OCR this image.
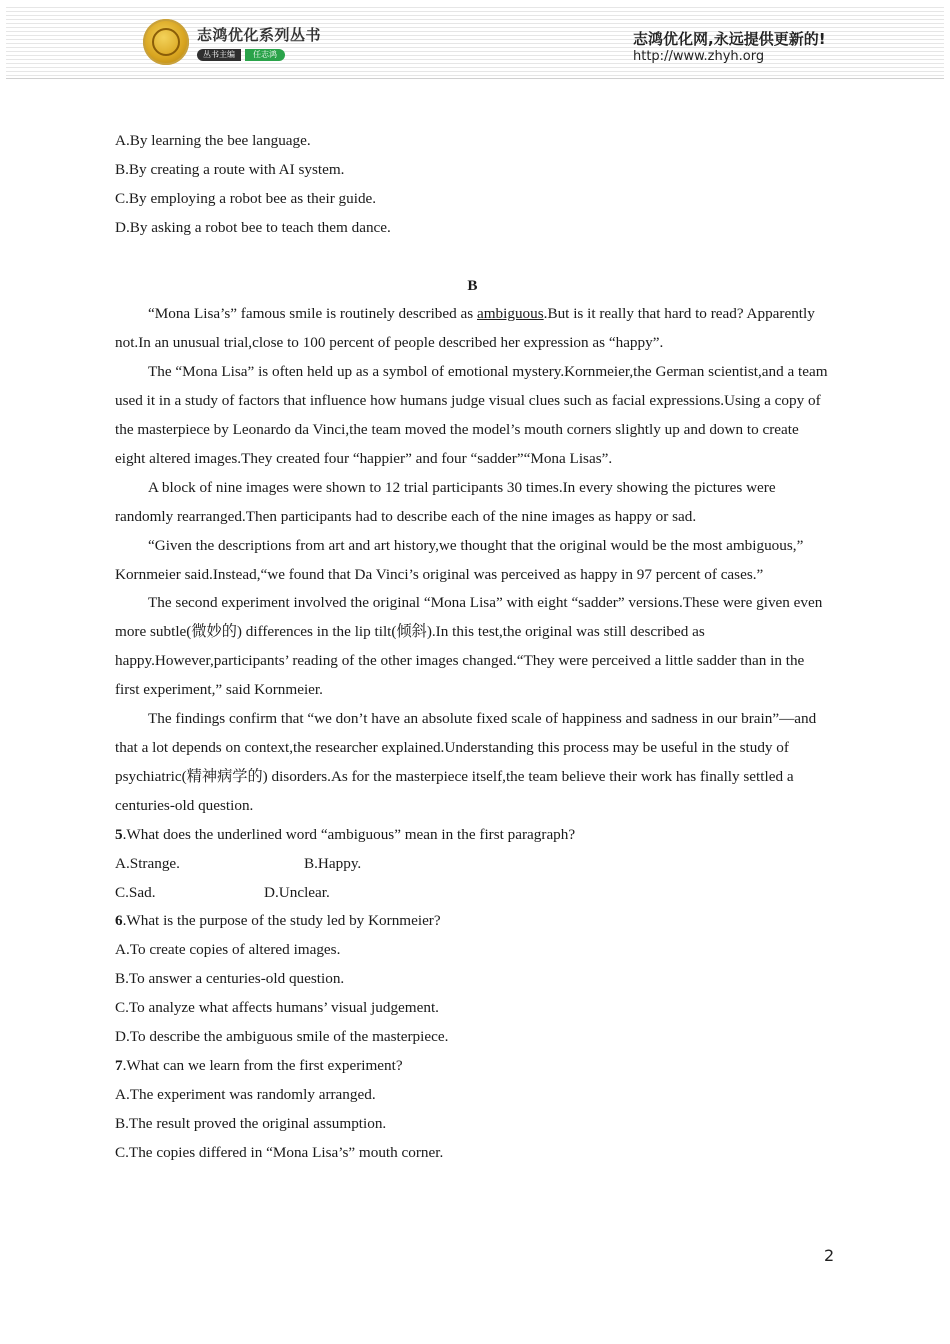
志鸿优化系列丛书
丛书主编	任志鸿
志鸿优化网,永远提供更新的!
http://www.zhyh.org

A.By learning the bee language.

B.By creating a route with AI system.

C.By employing a robot bee as their guide.

D.By asking a robot bee to teach them dance.

B

“Mona Lisa’s” famous smile is routinely described as ambiguous.But is it really that hard to read? Apparently not.In an unusual trial,close to 100 percent of people described her expression as “happy”.

The “Mona Lisa” is often held up as a symbol of emotional mystery.Kornmeier,the German scientist,and a team used it in a study of factors that influence how humans judge visual clues such as facial expressions.Using a copy of the masterpiece by Leonardo da Vinci,the team moved the model’s mouth corners slightly up and down to create eight altered images.They created four “happier” and four “sadder”“Mona Lisas”.

A block of nine images were shown to 12 trial participants 30 times.In every showing the pictures were randomly rearranged.Then participants had to describe each of the nine images as happy or sad.

“Given the descriptions from art and art history,we thought that the original would be the most ambiguous,” Kornmeier said.Instead,“we found that Da Vinci’s original was perceived as happy in 97 percent of cases.”

The second experiment involved the original “Mona Lisa” with eight “sadder” versions.These were given even more subtle(微妙的) differences in the lip tilt(倾斜).In this test,the original was still described as happy.However,participants’ reading of the other images changed.“They were perceived a little sadder than in the first experiment,” said Kornmeier.

The findings confirm that “we don’t have an absolute fixed scale of happiness and sadness in our brain”—and that a lot depends on context,the researcher explained.Understanding this process may be useful in the study of psychiatric(精神病学的) disorders.As for the masterpiece itself,the team believe their work has finally settled a centuries-old question.

5.What does the underlined word “ambiguous” mean in the first paragraph?

A.Strange.	B.Happy.

C.Sad.	D.Unclear.

6.What is the purpose of the study led by Kornmeier?

A.To create copies of altered images.

B.To answer a centuries-old question.

C.To analyze what affects humans’ visual judgement.

D.To describe the ambiguous smile of the masterpiece.

7.What can we learn from the first experiment?

A.The experiment was randomly arranged.

B.The result proved the original assumption.

C.The copies differed in “Mona Lisa’s” mouth corner.

2
